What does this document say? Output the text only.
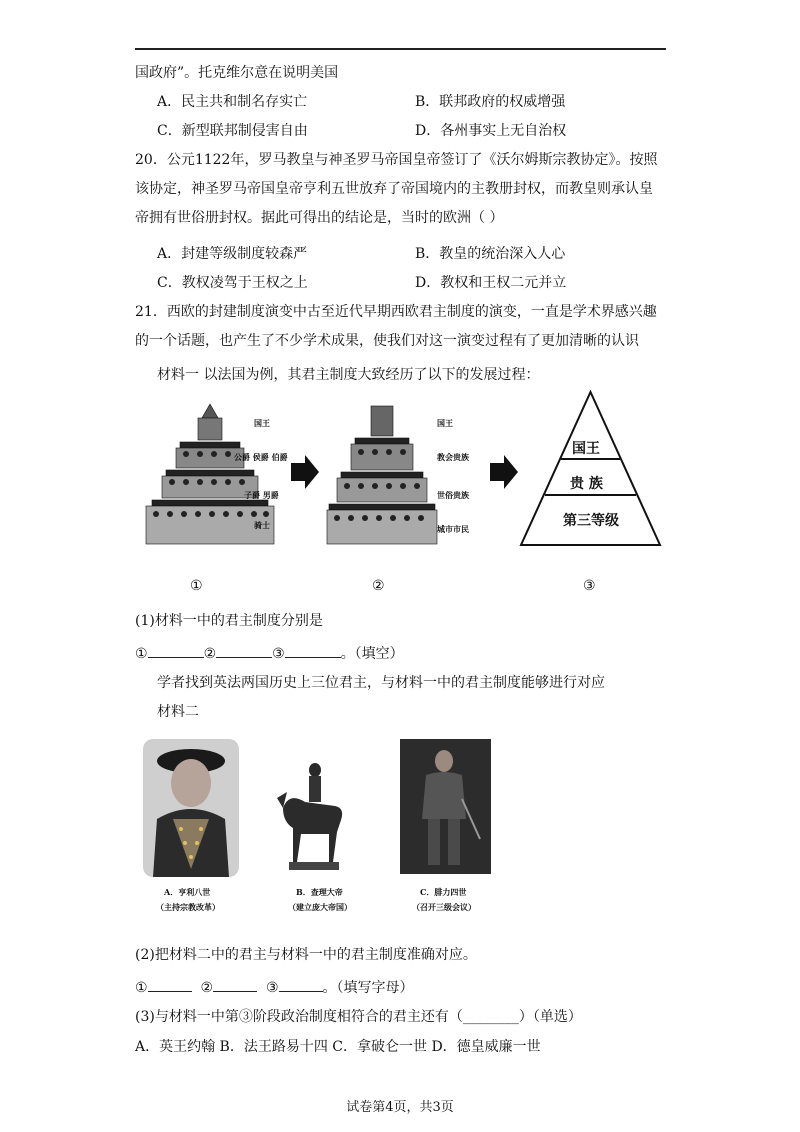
国政府”。托克维尔意在说明美国
A．民主共和制名存实亡	B．联邦政府的权威增强
C．新型联邦制侵害自由	D．各州事实上无自治权
20．公元1122年，罗马教皇与神圣罗马帝国皇帝签订了《沃尔姆斯宗教协定》。按照
该协定，神圣罗马帝国皇帝亨利五世放弃了帝国境内的主教册封权，而教皇则承认皇
帝拥有世俗册封权。据此可得出的结论是，当时的欧洲（ ）
A．封建等级制度较森严	B．教皇的统治深入人心
C．教权凌驾于王权之上	D．教权和王权二元并立
21．西欧的封建制度演变中古至近代早期西欧君主制度的演变，一直是学术界感兴趣
的一个话题，也产生了不少学术成果，使我们对这一演变过程有了更加清晰的认识
材料一 以法国为例，其君主制度大致经历了以下的发展过程：
国王
公爵 侯爵 伯爵
子爵 男爵
骑士
国王
教会贵族
世俗贵族
城市市民
国王
贵 族
第三等级
①	②	③
(1)材料一中的君主制度分别是
①	②	③	。（填空）
学者找到英法两国历史上三位君主，与材料一中的君主制度能够进行对应
材料二
A．亨利八世
（主持宗教改革）
B．查理大帝
（建立庞大帝国）
C．腓力四世
（召开三级会议）
(2)把材料二中的君主与材料一中的君主制度准确对应。
①	②	③	。（填写字母）
(3)与材料一中第③阶段政治制度相符合的君主还有（________）（单选）
A．英王约翰 B．法王路易十四 C．拿破仑一世 D．德皇威廉一世
试卷第4页，共3页
